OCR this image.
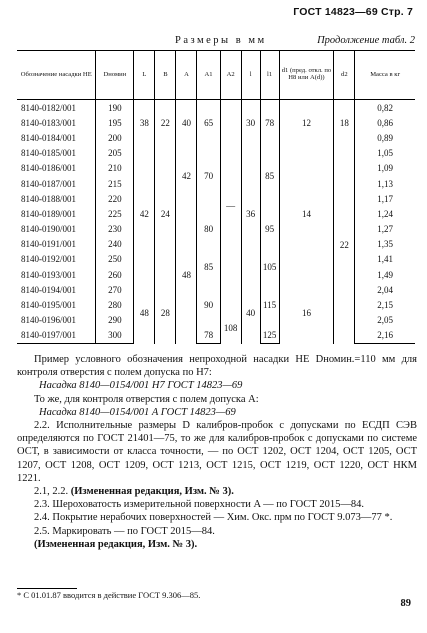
ГОСТ 14823—69 Стр. 7
Размеры в мм	Продолжение табл. 2
Обозначение насадки НЕ	Dномин	L	B	A	A1	A2	l	l1	d1 (пред. откл. по H8 или A(d))	d2	Масса в кг
8140-0182/001	190	38	22	40	65	—	30	78	12	18	0,82
8140-0183/001	195										0,86
8140-0184/001	200										0,89
8140-0185/001	205	42	24	42	70		36	85	14	22	1,05
8140-0186/001	210										1,09
8140-0187/001	215										1,13
8140-0188/001	220										1,17
8140-0189/001	225			48	80			95			1,24
8140-0190/001	230										1,27
8140-0191/001	240										1,35
8140-0192/001	250				85			105			1,41
8140-0193/001	260										1,49
8140-0194/001	270	48	28		90		40	115	16		2,04
8140-0195/001	280										2,15
8140-0196/001	290					108					2,05
8140-0197/001	300				78			125			2,16

Пример условного обозначения непроходной насадки НЕ Dномин.=110 мм для контроля отверстия с полем допуска по H7:

Насадка 8140—0154/001 H7 ГОСТ 14823—69

То же, для контроля отверстия с полем допуска A:

Насадка 8140—0154/001 A ГОСТ 14823—69

2.2. Исполнительные размеры D калибров-пробок с допусками по ЕСДП СЭВ определяются по ГОСТ 21401—75, то же для калибров-пробок с допусками по системе ОСТ, в зависимости от класса точности, — по ОСТ 1202, ОСТ 1204, ОСТ 1205, ОСТ 1207, ОСТ 1208, ОСТ 1209, ОСТ 1213, ОСТ 1215, ОСТ 1219, ОСТ 1220, ОСТ НКМ 1221.

2.1, 2.2. (Измененная редакция, Изм. № 3).

2.3. Шероховатость измерительной поверхности A — по ГОСТ 2015—84.

2.4. Покрытие нерабочих поверхностей — Хим. Окс. прм по ГОСТ 9.073—77 *.

2.5. Маркировать — по ГОСТ 2015—84.

(Измененная редакция, Изм. № 3).

* С 01.01.87 вводится в действие ГОСТ 9.306—85.
89
